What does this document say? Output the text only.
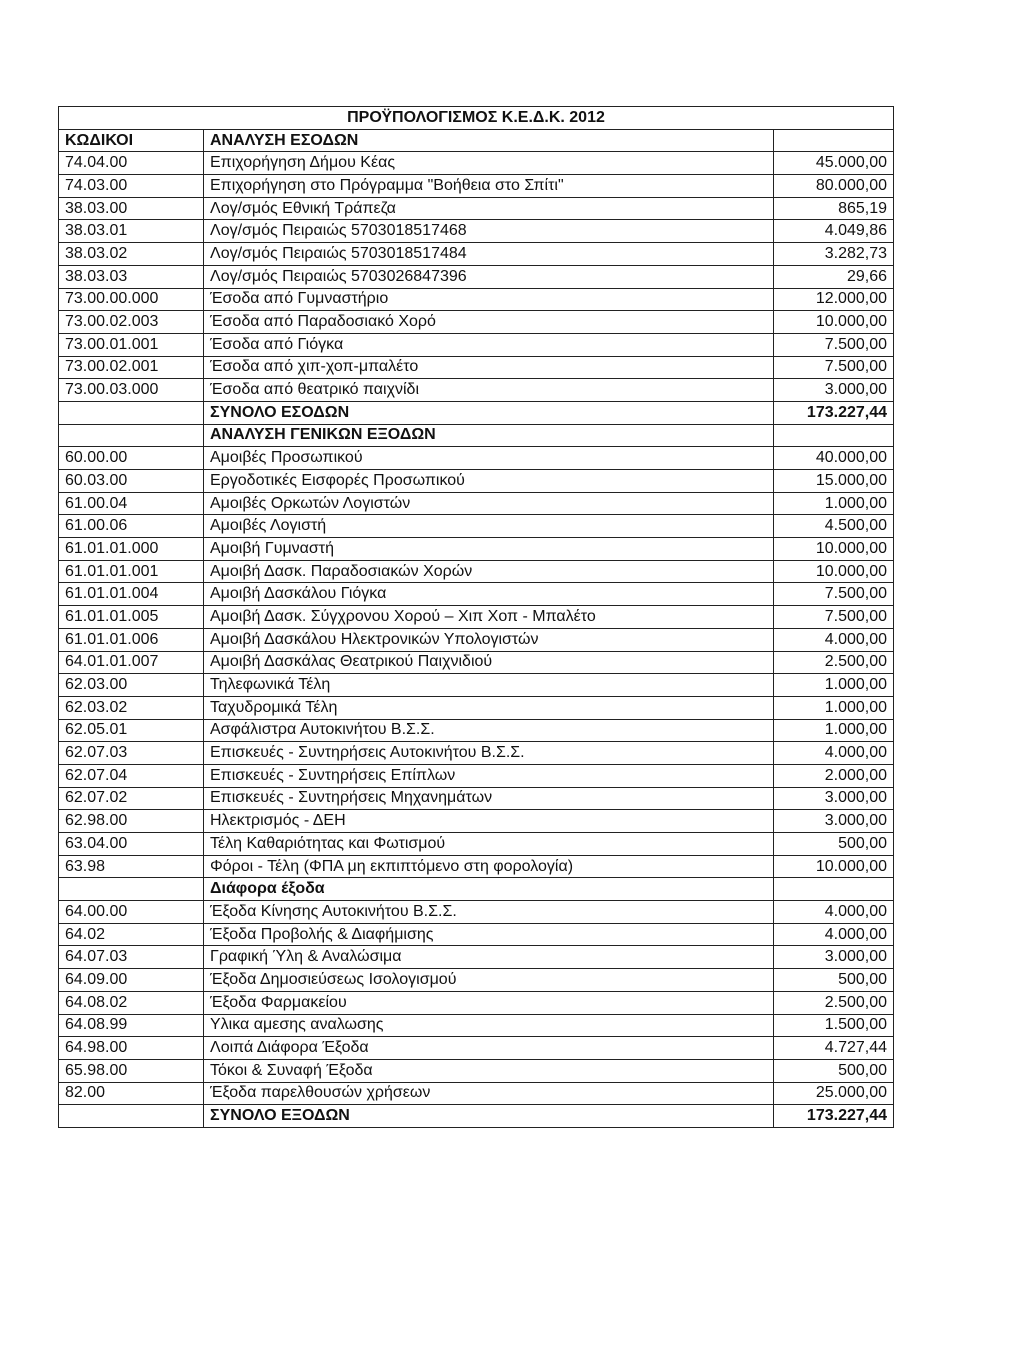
ΠΡΟΫΠΟΛΟΓΙΣΜΟΣ Κ.Ε.Δ.Κ. 2012		
ΚΩΔΙΚΟΙ	ΑΝΑΛΥΣΗ ΕΣΟΔΩΝ	
74.04.00	Επιχορήγηση Δήμου Κέας	45.000,00
74.03.00	Επιχορήγηση στο Πρόγραμμα "Βοήθεια στο Σπίτι"	80.000,00
38.03.00	Λογ/σμός Εθνική Τράπεζα	865,19
38.03.01	Λογ/σμός Πειραιώς 5703018517468	4.049,86
38.03.02	Λογ/σμός Πειραιώς 5703018517484	3.282,73
38.03.03	Λογ/σμός Πειραιώς 5703026847396	29,66
73.00.00.000	Έσοδα από Γυμναστήριο	12.000,00
73.00.02.003	Έσοδα από Παραδοσιακό Χορό	10.000,00
73.00.01.001	Έσοδα από Γιόγκα	7.500,00
73.00.02.001	Έσοδα από χιπ-χοπ-μπαλέτο	7.500,00
73.00.03.000	Έσοδα από θεατρικό παιχνίδι	3.000,00
	ΣΥΝΟΛΟ ΕΣΟΔΩΝ	173.227,44
	ΑΝΑΛΥΣΗ ΓΕΝΙΚΩΝ ΕΞΟΔΩΝ	
60.00.00	Αμοιβές Προσωπικού	40.000,00
60.03.00	Εργοδοτικές Εισφορές Προσωπικού	15.000,00
61.00.04	Αμοιβές Ορκωτών Λογιστών	1.000,00
61.00.06	Αμοιβές Λογιστή	4.500,00
61.01.01.000	Αμοιβή Γυμναστή	10.000,00
61.01.01.001	Αμοιβή Δασκ. Παραδοσιακών Χορών	10.000,00
61.01.01.004	Αμοιβή Δασκάλου Γιόγκα	7.500,00
61.01.01.005	Αμοιβή Δασκ. Σύγχρονου Χορού – Χιπ Χοπ - Μπαλέτο	7.500,00
61.01.01.006	Αμοιβή Δασκάλου Ηλεκτρονικών Υπολογιστών	4.000,00
64.01.01.007	Αμοιβή Δασκάλας Θεατρικού Παιχνιδιού	2.500,00
62.03.00	Τηλεφωνικά Τέλη	1.000,00
62.03.02	Ταχυδρομικά Τέλη	1.000,00
62.05.01	Ασφάλιστρα Αυτοκινήτου Β.Σ.Σ.	1.000,00
62.07.03	Επισκευές - Συντηρήσεις Αυτοκινήτου Β.Σ.Σ.	4.000,00
62.07.04	Επισκευές - Συντηρήσεις Επίπλων	2.000,00
62.07.02	Επισκευές - Συντηρήσεις Μηχανημάτων	3.000,00
62.98.00	Ηλεκτρισμός - ΔΕΗ	3.000,00
63.04.00	Τέλη Καθαριότητας και Φωτισμού	500,00
63.98	Φόροι - Τέλη (ΦΠΑ μη εκπιπτόμενο στη φορολογία)	10.000,00
	Διάφορα έξοδα	
64.00.00	Έξοδα Κίνησης Αυτοκινήτου Β.Σ.Σ.	4.000,00
64.02	Έξοδα Προβολής & Διαφήμισης	4.000,00
64.07.03	Γραφική Ύλη & Αναλώσιμα	3.000,00
64.09.00	Έξοδα Δημοσιεύσεως Ισολογισμού	500,00
64.08.02	Έξοδα Φαρμακείου	2.500,00
64.08.99	Υλικα αμεσης αναλωσης	1.500,00
64.98.00	Λοιπά Διάφορα Έξοδα	4.727,44
65.98.00	Τόκοι & Συναφή Έξοδα	500,00
82.00	Έξοδα παρελθουσών χρήσεων	25.000,00
	ΣΥΝΟΛΟ ΕΞΟΔΩΝ	173.227,44
